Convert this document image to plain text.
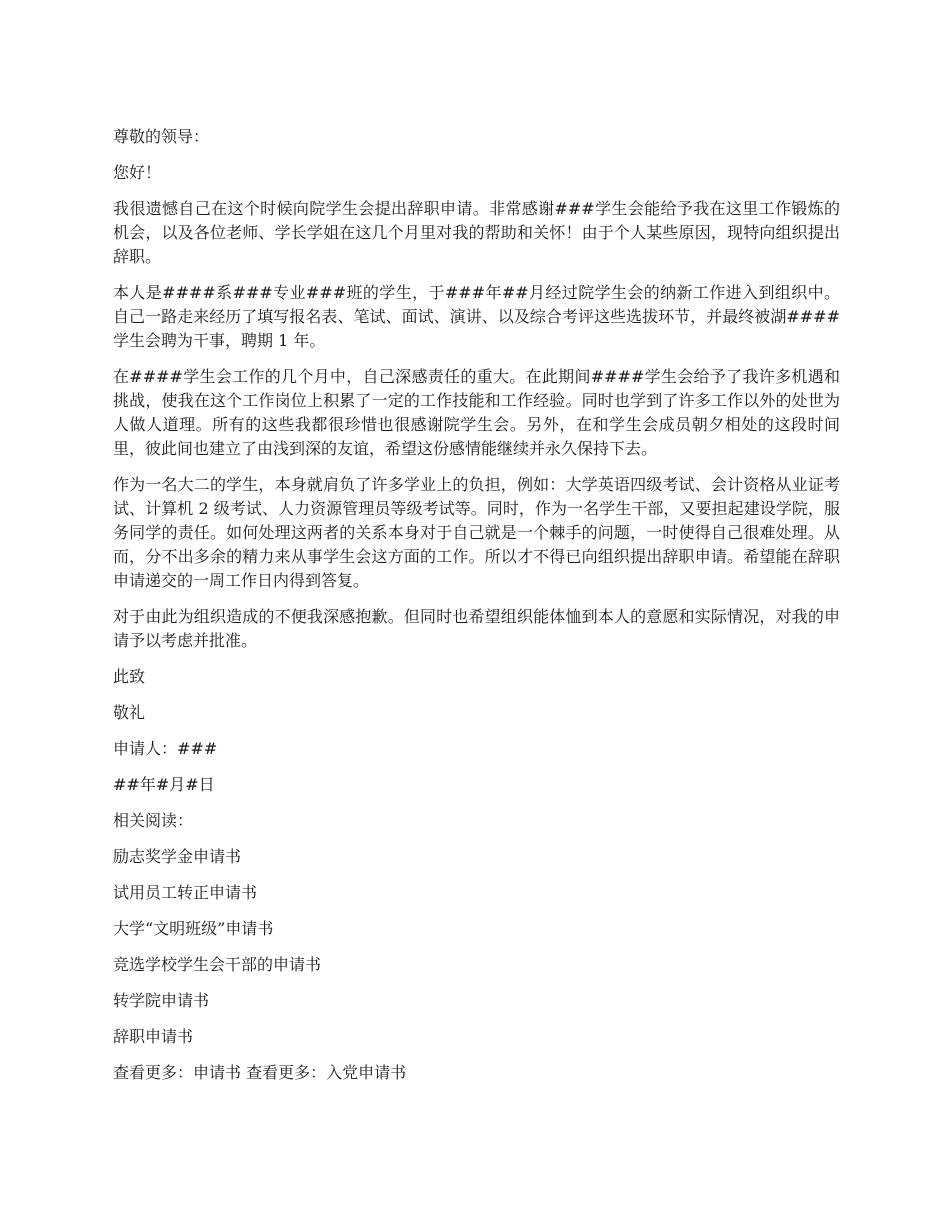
尊敬的领导：
您好！
我很遗憾自己在这个时候向院学生会提出辞职申请。非常感谢###学生会能给予我在这里工作锻炼的机会，以及各位老师、学长学姐在这几个月里对我的帮助和关怀！由于个人某些原因，现特向组织提出辞职。
本人是####系###专业###班的学生，于###年##月经过院学生会的纳新工作进入到组织中。自己一路走来经历了填写报名表、笔试、面试、演讲、以及综合考评这些选拔环节，并最终被湖####学生会聘为干事，聘期 1 年。
在####学生会工作的几个月中，自己深感责任的重大。在此期间####学生会给予了我许多机遇和挑战，使我在这个工作岗位上积累了一定的工作技能和工作经验。同时也学到了许多工作以外的处世为人做人道理。所有的这些我都很珍惜也很感谢院学生会。另外，在和学生会成员朝夕相处的这段时间里，彼此间也建立了由浅到深的友谊，希望这份感情能继续并永久保持下去。
作为一名大二的学生，本身就肩负了许多学业上的负担，例如：大学英语四级考试、会计资格从业证考试、计算机 2 级考试、人力资源管理员等级考试等。同时，作为一名学生干部，又要担起建设学院，服务同学的责任。如何处理这两者的关系本身对于自己就是一个棘手的问题，一时使得自己很难处理。从而，分不出多余的精力来从事学生会这方面的工作。所以才不得已向组织提出辞职申请。希望能在辞职申请递交的一周工作日内得到答复。
对于由此为组织造成的不便我深感抱歉。但同时也希望组织能体恤到本人的意愿和实际情况，对我的申请予以考虑并批准。
此致
敬礼
申请人：###
##年#月#日
相关阅读：
励志奖学金申请书
试用员工转正申请书
大学“文明班级”申请书
竞选学校学生会干部的申请书
转学院申请书
辞职申请书
查看更多：申请书 查看更多：入党申请书
